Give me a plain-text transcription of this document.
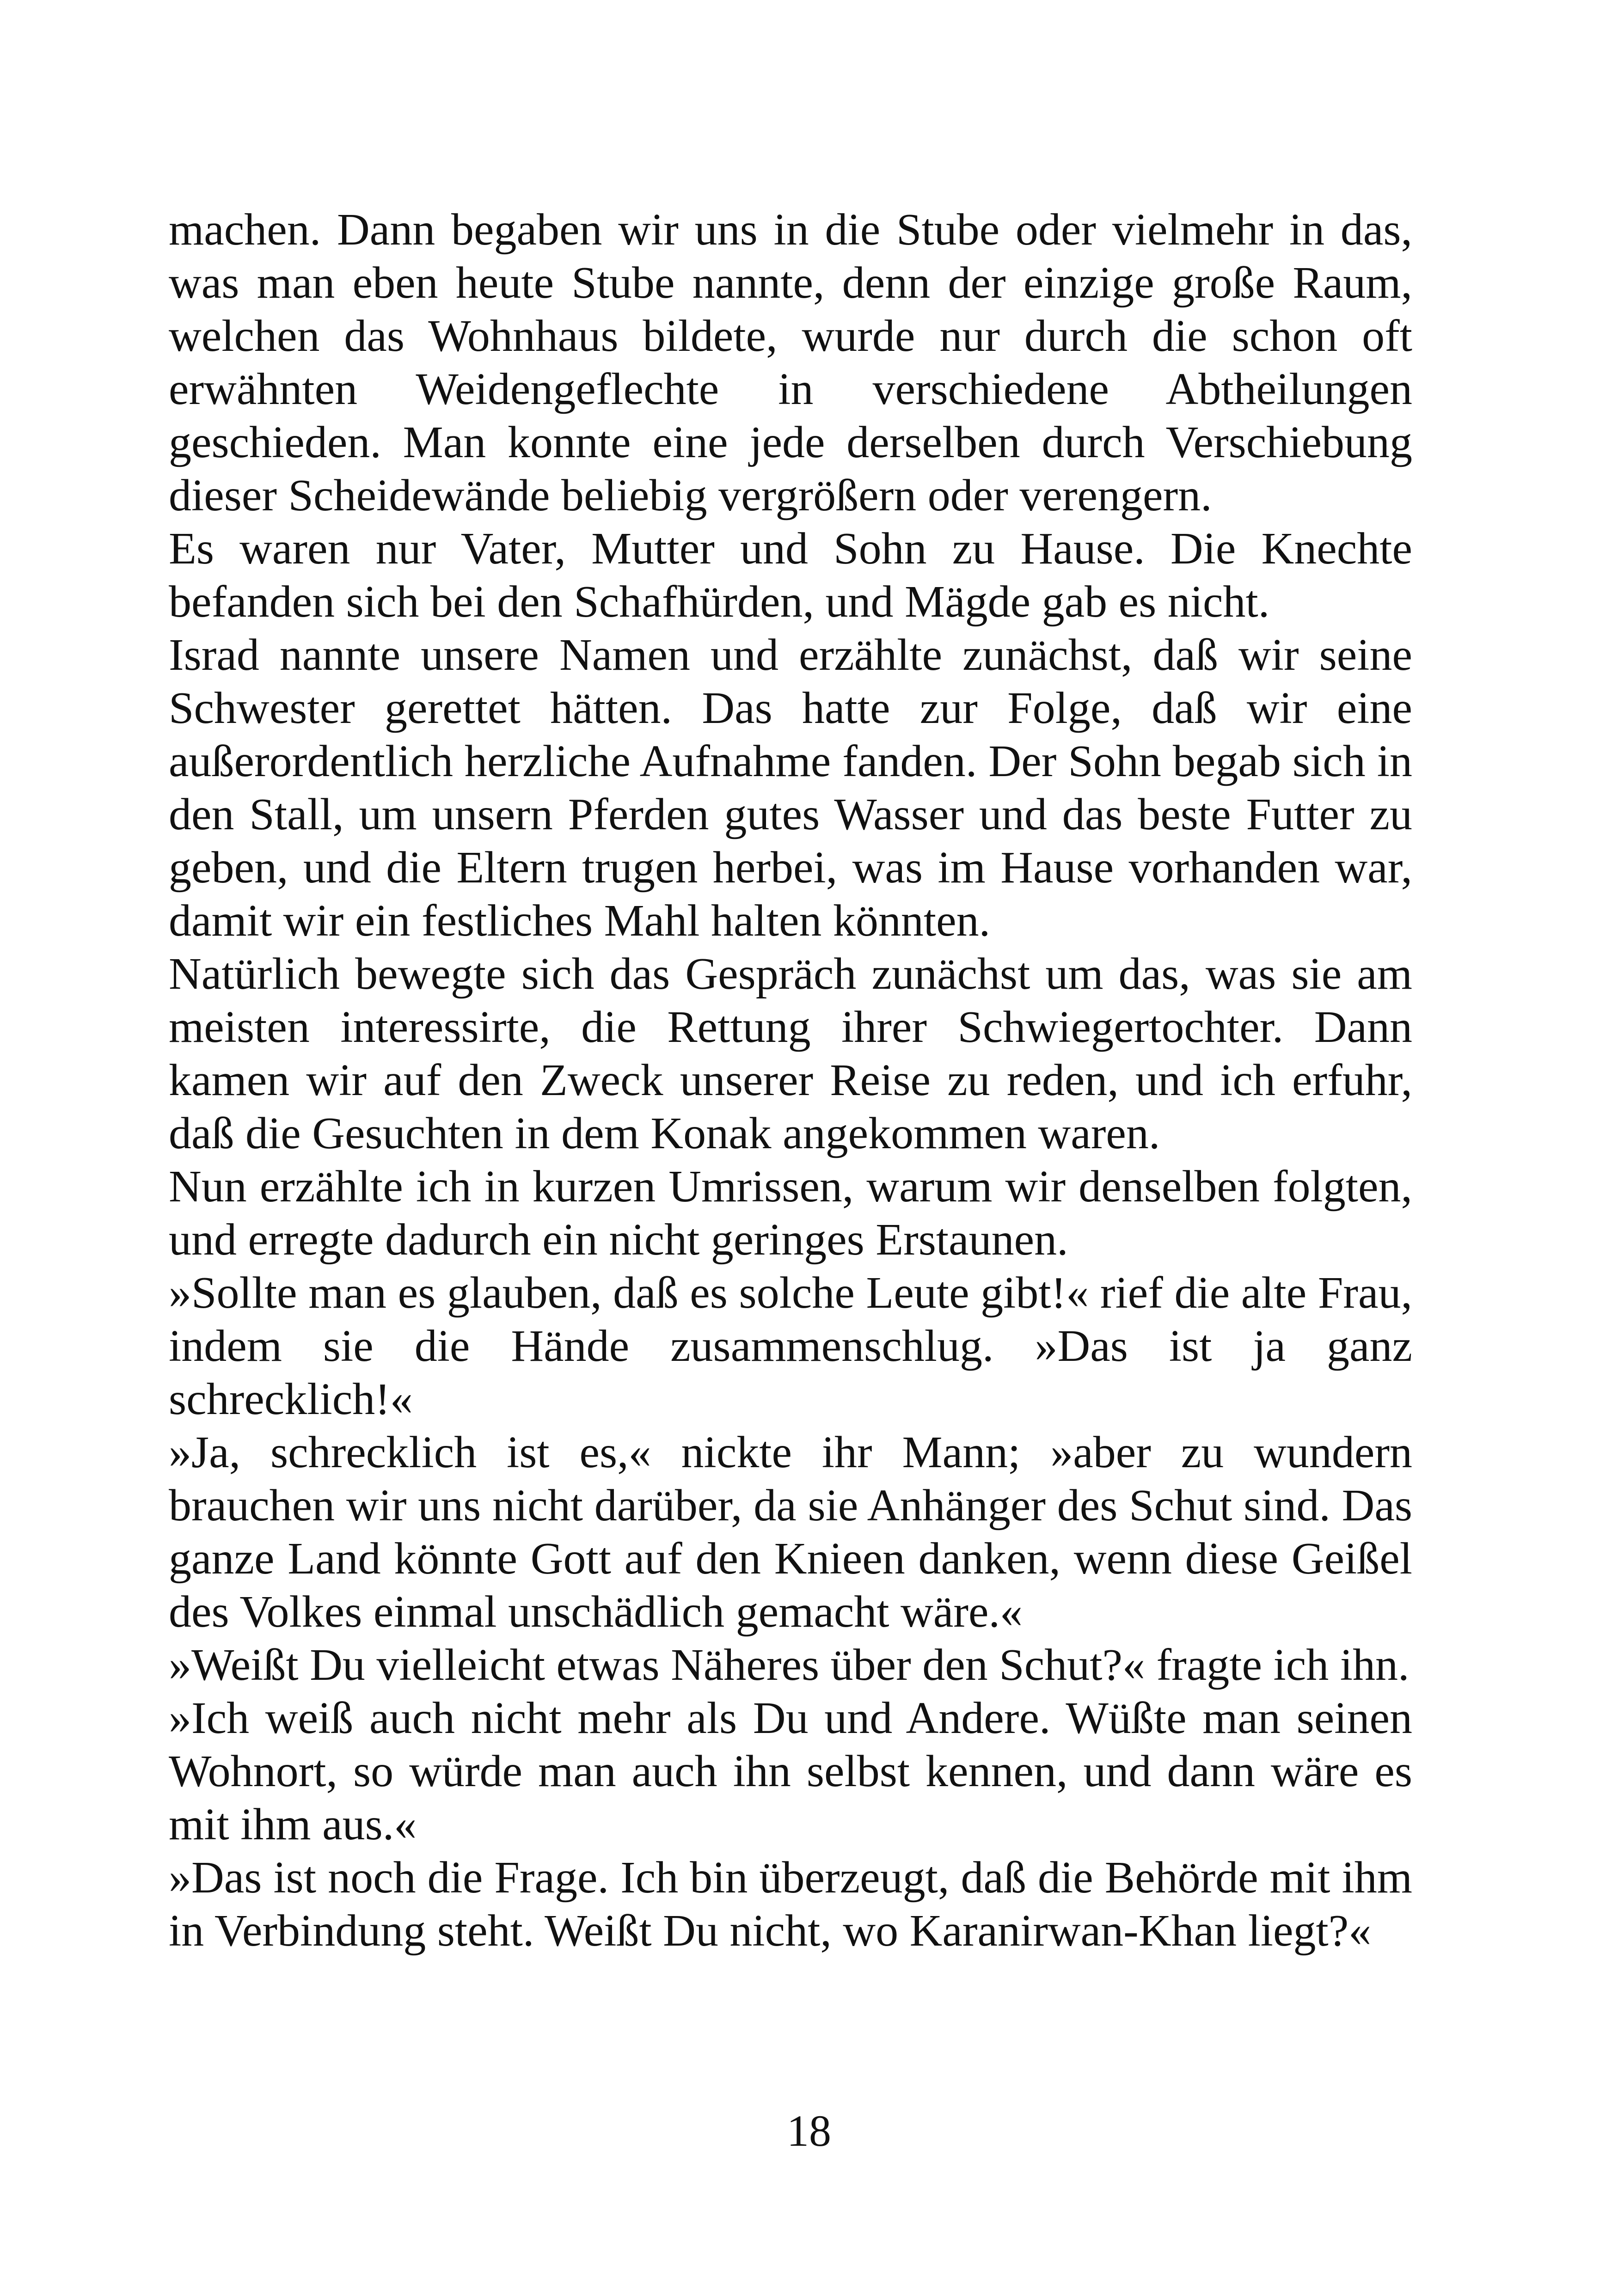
machen. Dann begaben wir uns in die Stube oder vielmehr in das, was man eben heute Stube nannte, denn der einzige große Raum, welchen das Wohnhaus bildete, wurde nur durch die schon oft erwähnten Weidengeflechte in verschiedene Abtheilungen geschieden. Man konnte eine jede derselben durch Verschiebung dieser Scheidewände beliebig vergrößern oder verengern.

Es waren nur Vater, Mutter und Sohn zu Hause. Die Knechte befanden sich bei den Schafhürden, und Mägde gab es nicht.

Israd nannte unsere Namen und erzählte zunächst, daß wir seine Schwester gerettet hätten. Das hatte zur Folge, daß wir eine außerordentlich herzliche Aufnahme fanden. Der Sohn begab sich in den Stall, um unsern Pferden gutes Wasser und das beste Futter zu geben, und die Eltern trugen herbei, was im Hause vorhanden war, damit wir ein festliches Mahl halten könnten.

Natürlich bewegte sich das Gespräch zunächst um das, was sie am meisten interessirte, die Rettung ihrer Schwiegertochter. Dann kamen wir auf den Zweck unserer Reise zu reden, und ich erfuhr, daß die Gesuchten in dem Konak angekommen waren.

Nun erzählte ich in kurzen Umrissen, warum wir denselben folgten, und erregte dadurch ein nicht geringes Erstaunen.

»Sollte man es glauben, daß es solche Leute gibt!« rief die alte Frau, indem sie die Hände zusammenschlug. »Das ist ja ganz schrecklich!«

»Ja, schrecklich ist es,« nickte ihr Mann; »aber zu wundern brauchen wir uns nicht darüber, da sie Anhänger des Schut sind. Das ganze Land könnte Gott auf den Knieen danken, wenn diese Geißel des Volkes einmal unschädlich gemacht wäre.«

»Weißt Du vielleicht etwas Näheres über den Schut?« fragte ich ihn.

»Ich weiß auch nicht mehr als Du und Andere. Wüßte man seinen Wohnort, so würde man auch ihn selbst kennen, und dann wäre es mit ihm aus.«

»Das ist noch die Frage. Ich bin überzeugt, daß die Behörde mit ihm in Verbindung steht. Weißt Du nicht, wo Karanirwan-Khan liegt?«

18
